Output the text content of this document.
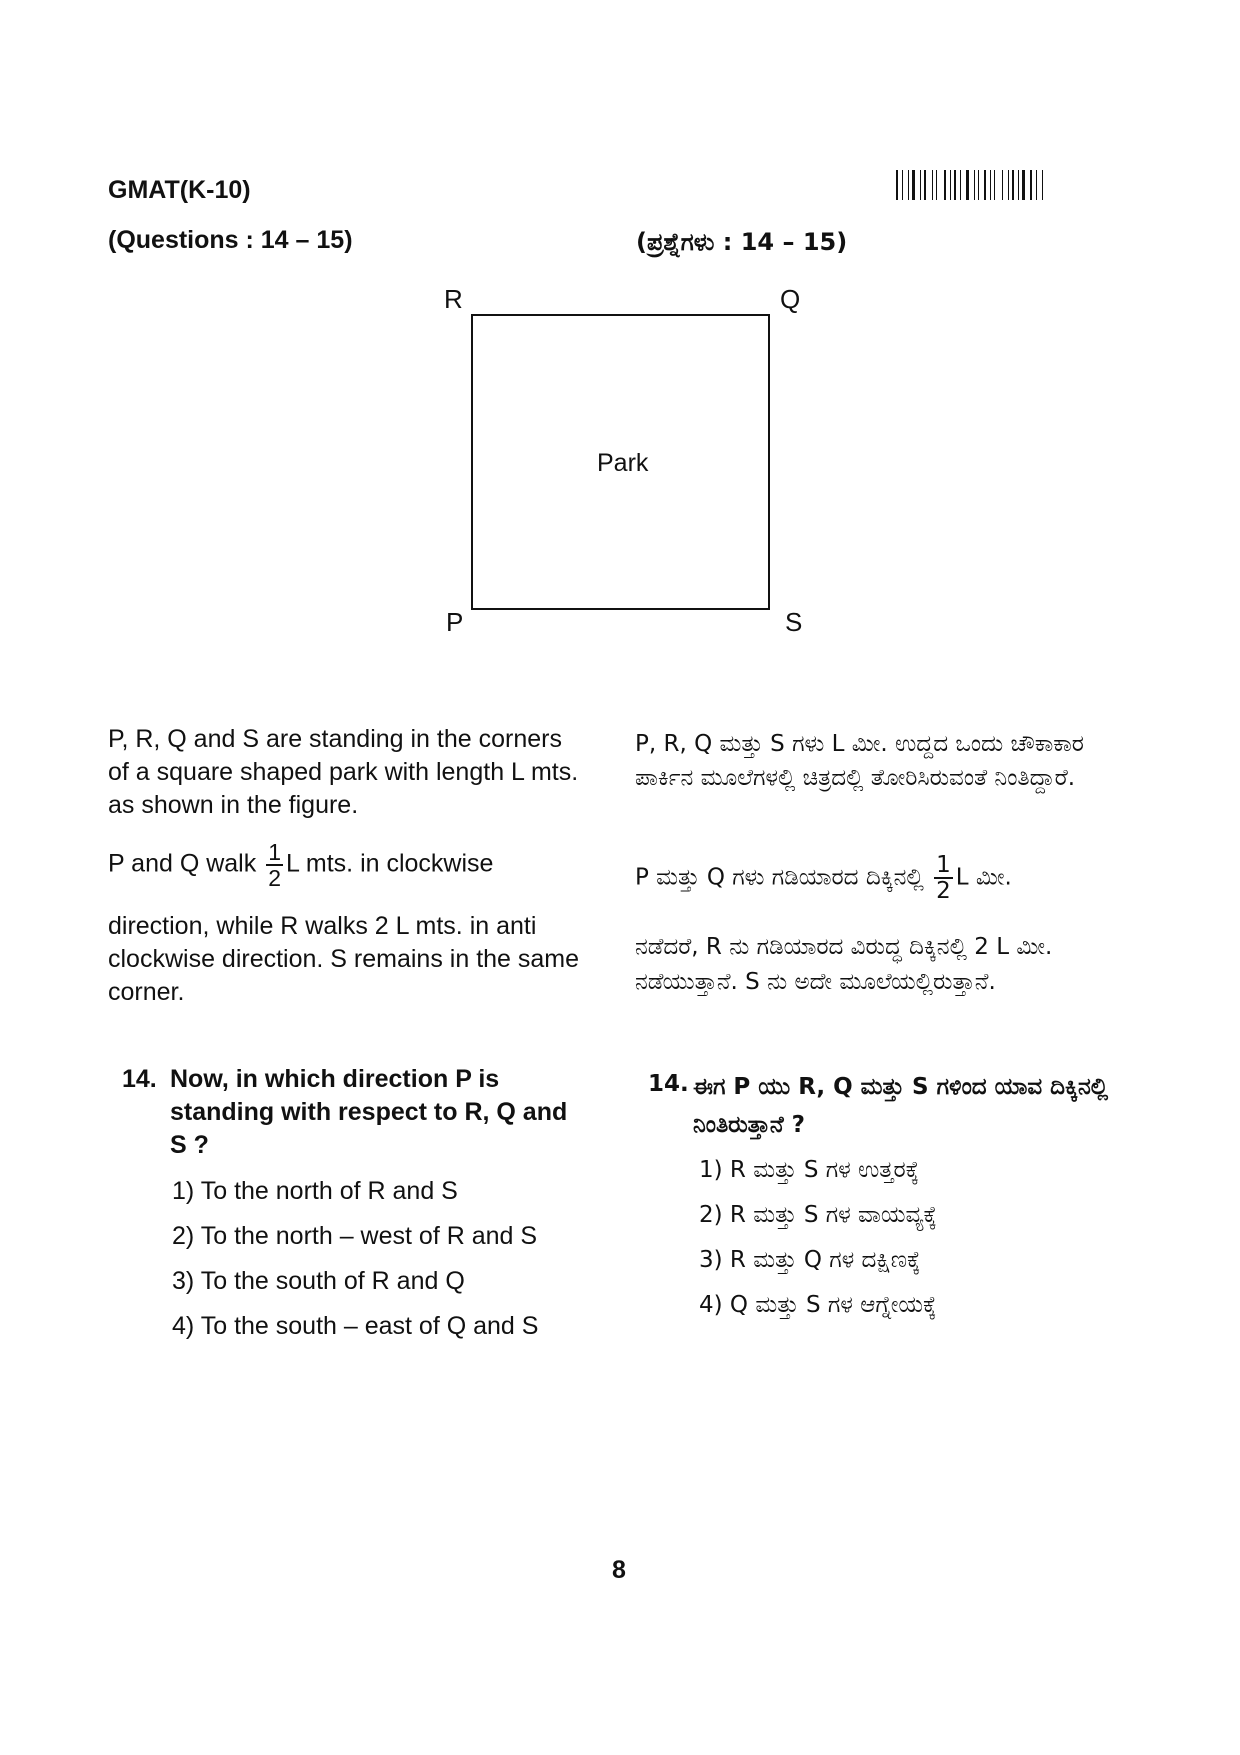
GMAT(K-10)
(Questions : 14 – 15)	(ಪ್ರಶ್ನೆಗಳು : 14 – 15)
R	Q
Park
P	S
P, R, Q and S are standing in the corners of a square shaped park with length L mts. as shown in the figure.
P and Q walk $\frac{1}{2}$ L mts. in clockwise
direction, while R walks 2 L mts. in anti clockwise direction. S remains in the same corner.
14. Now, in which direction P is standing with respect to R, Q and S ?
1) To the north of R and S
2) To the north – west of R and S
3) To the south of R and Q
4) To the south – east of Q and S
P, R, Q ಮತ್ತು S ಗಳು L ಮೀ. ಉದ್ದದ ಒಂದು ಚೌಕಾಕಾರ ಪಾರ್ಕಿನ ಮೂಲೆಗಳಲ್ಲಿ ಚಿತ್ರದಲ್ಲಿ ತೋರಿಸಿರುವಂತೆ ನಿಂತಿದ್ದಾರೆ.
P ಮತ್ತು Q ಗಳು ಗಡಿಯಾರದ ದಿಕ್ಕಿನಲ್ಲಿ $\frac{1}{2}$ L ಮೀ.
ನಡೆದರೆ, R ನು ಗಡಿಯಾರದ ವಿರುದ್ಧ ದಿಕ್ಕಿನಲ್ಲಿ 2 L ಮೀ. ನಡೆಯುತ್ತಾನೆ. S ನು ಅದೇ ಮೂಲೆಯಲ್ಲಿರುತ್ತಾನೆ.
14. ಈಗ P ಯು R, Q ಮತ್ತು S ಗಳಿಂದ ಯಾವ ದಿಕ್ಕಿನಲ್ಲಿ ನಿಂತಿರುತ್ತಾನೆ ?
1) R ಮತ್ತು S ಗಳ ಉತ್ತರಕ್ಕೆ
2) R ಮತ್ತು S ಗಳ ವಾಯವ್ಯಕ್ಕೆ
3) R ಮತ್ತು Q ಗಳ ದಕ್ಷಿಣಕ್ಕೆ
4) Q ಮತ್ತು S ಗಳ ಆಗ್ನೇಯಕ್ಕೆ
8
